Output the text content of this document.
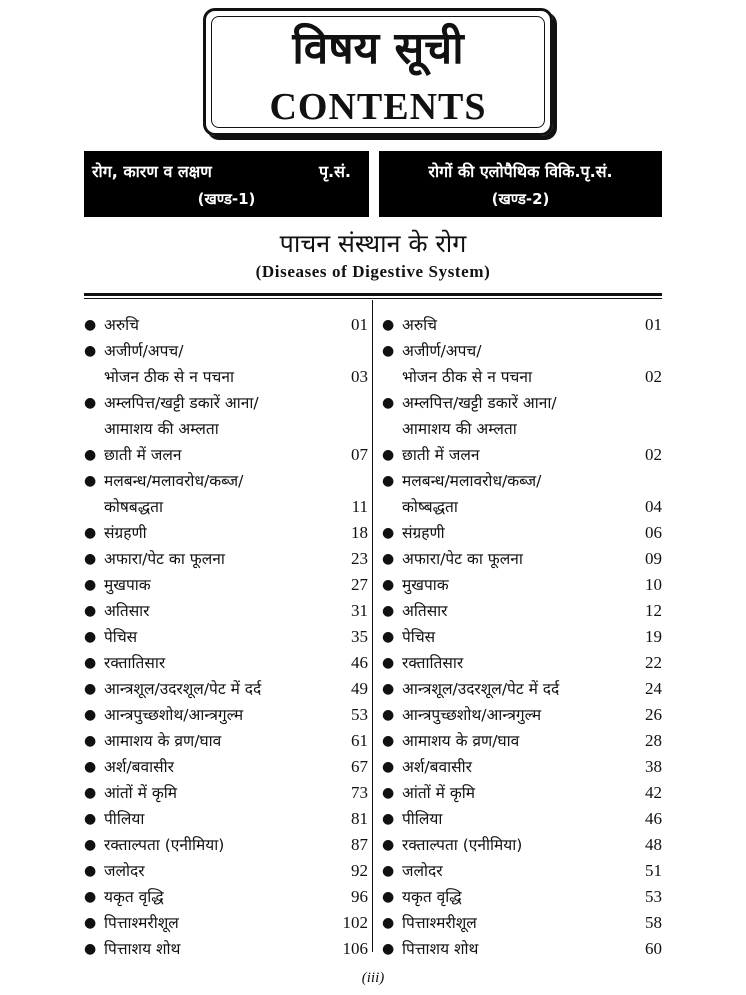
विषय सूची
CONTENTS
रोग, कारण व लक्षण	पृ.सं.
(खण्ड-1)
रोगों की एलोपैथिक विकि.पृ.सं.
(खण्ड-2)
पाचन संस्थान के रोग
(Diseases of Digestive System)
● अरुचि	01
● अजीर्ण/अपच/
भोजन ठीक से न पचना	03
● अम्लपित्त/खट्टी डकारें आना/
आमाशय की अम्लता
● छाती में जलन	07
● मलबन्ध/मलावरोध/कब्ज/
कोषबद्धता	11
● संग्रहणी	18
● अफारा/पेट का फूलना	23
● मुखपाक	27
● अतिसार	31
● पेचिस	35
● रक्तातिसार	46
● आन्त्रशूल/उदरशूल/पेट में दर्द	49
● आन्त्रपुच्छशोथ/आन्त्रगुल्म	53
● आमाशय के व्रण/घाव	61
● अर्श/बवासीर	67
● आंतों में कृमि	73
● पीलिया	81
● रक्ताल्पता (एनीमिया)	87
● जलोदर	92
● यकृत वृद्धि	96
● पित्ताश्मरीशूल	102
● पित्ताशय शोथ	106
● अरुचि	01
● अजीर्ण/अपच/
भोजन ठीक से न पचना	02
● अम्लपित्त/खट्टी डकारें आना/
आमाशय की अम्लता
● छाती में जलन	02
● मलबन्ध/मलावरोध/कब्ज/
कोष्बद्धता	04
● संग्रहणी	06
● अफारा/पेट का फूलना	09
● मुखपाक	10
● अतिसार	12
● पेचिस	19
● रक्तातिसार	22
● आन्त्रशूल/उदरशूल/पेट में दर्द	24
● आन्त्रपुच्छशोथ/आन्त्रगुल्म	26
● आमाशय के व्रण/घाव	28
● अर्श/बवासीर	38
● आंतों में कृमि	42
● पीलिया	46
● रक्ताल्पता (एनीमिया)	48
● जलोदर	51
● यकृत वृद्धि	53
● पित्ताश्मरीशूल	58
● पित्ताशय शोथ	60
(iii)
